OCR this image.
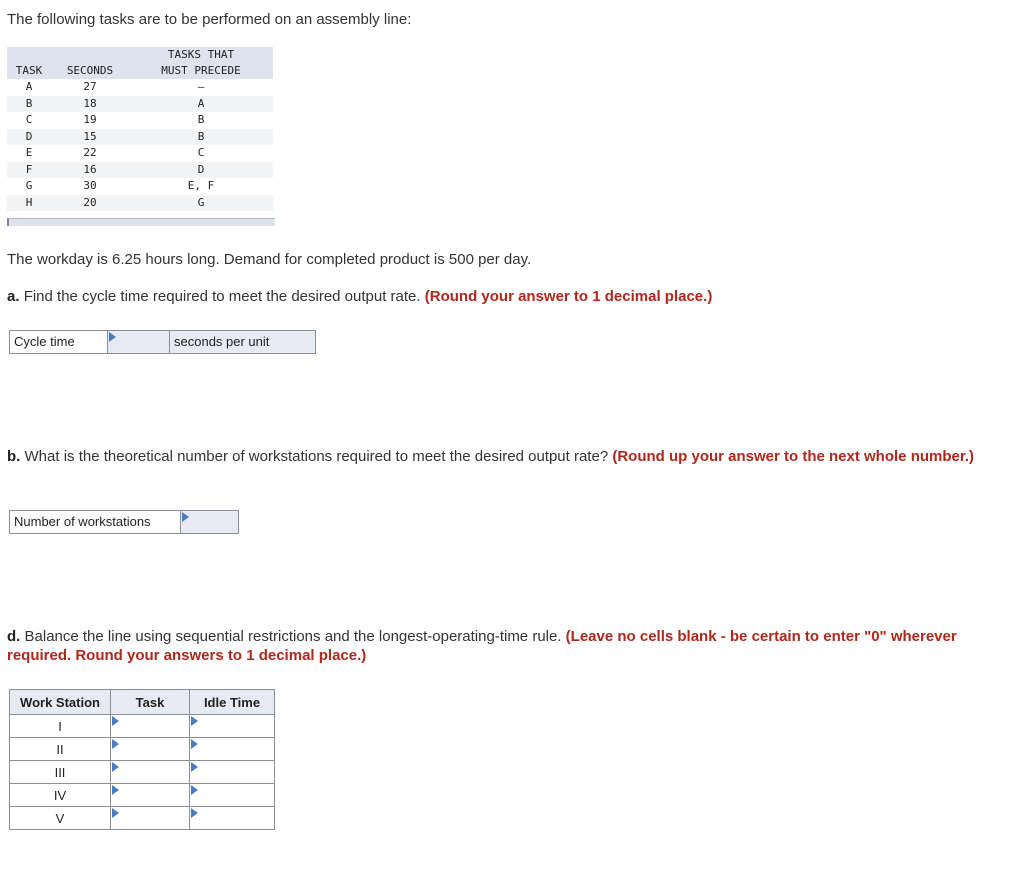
The following tasks are to be performed on an assembly line:
		TASKS THAT
TASK	SECONDS	MUST PRECEDE
A	27	—
B	18	A
C	19	B
D	15	B
E	22	C
F	16	D
G	30	E, F
H	20	G
The workday is 6.25 hours long. Demand for completed product is 500 per day.
a. Find the cycle time required to meet the desired output rate. (Round your answer to 1 decimal place.)
Cycle time	seconds per unit
b. What is the theoretical number of workstations required to meet the desired output rate? (Round up your answer to the next whole number.)
Number of workstations
d. Balance the line using sequential restrictions and the longest-operating-time rule. (Leave no cells blank - be certain to enter "0" wherever required. Round your answers to 1 decimal place.)
Work Station	Task	Idle Time
I	

II	

III	

IV	

V	
